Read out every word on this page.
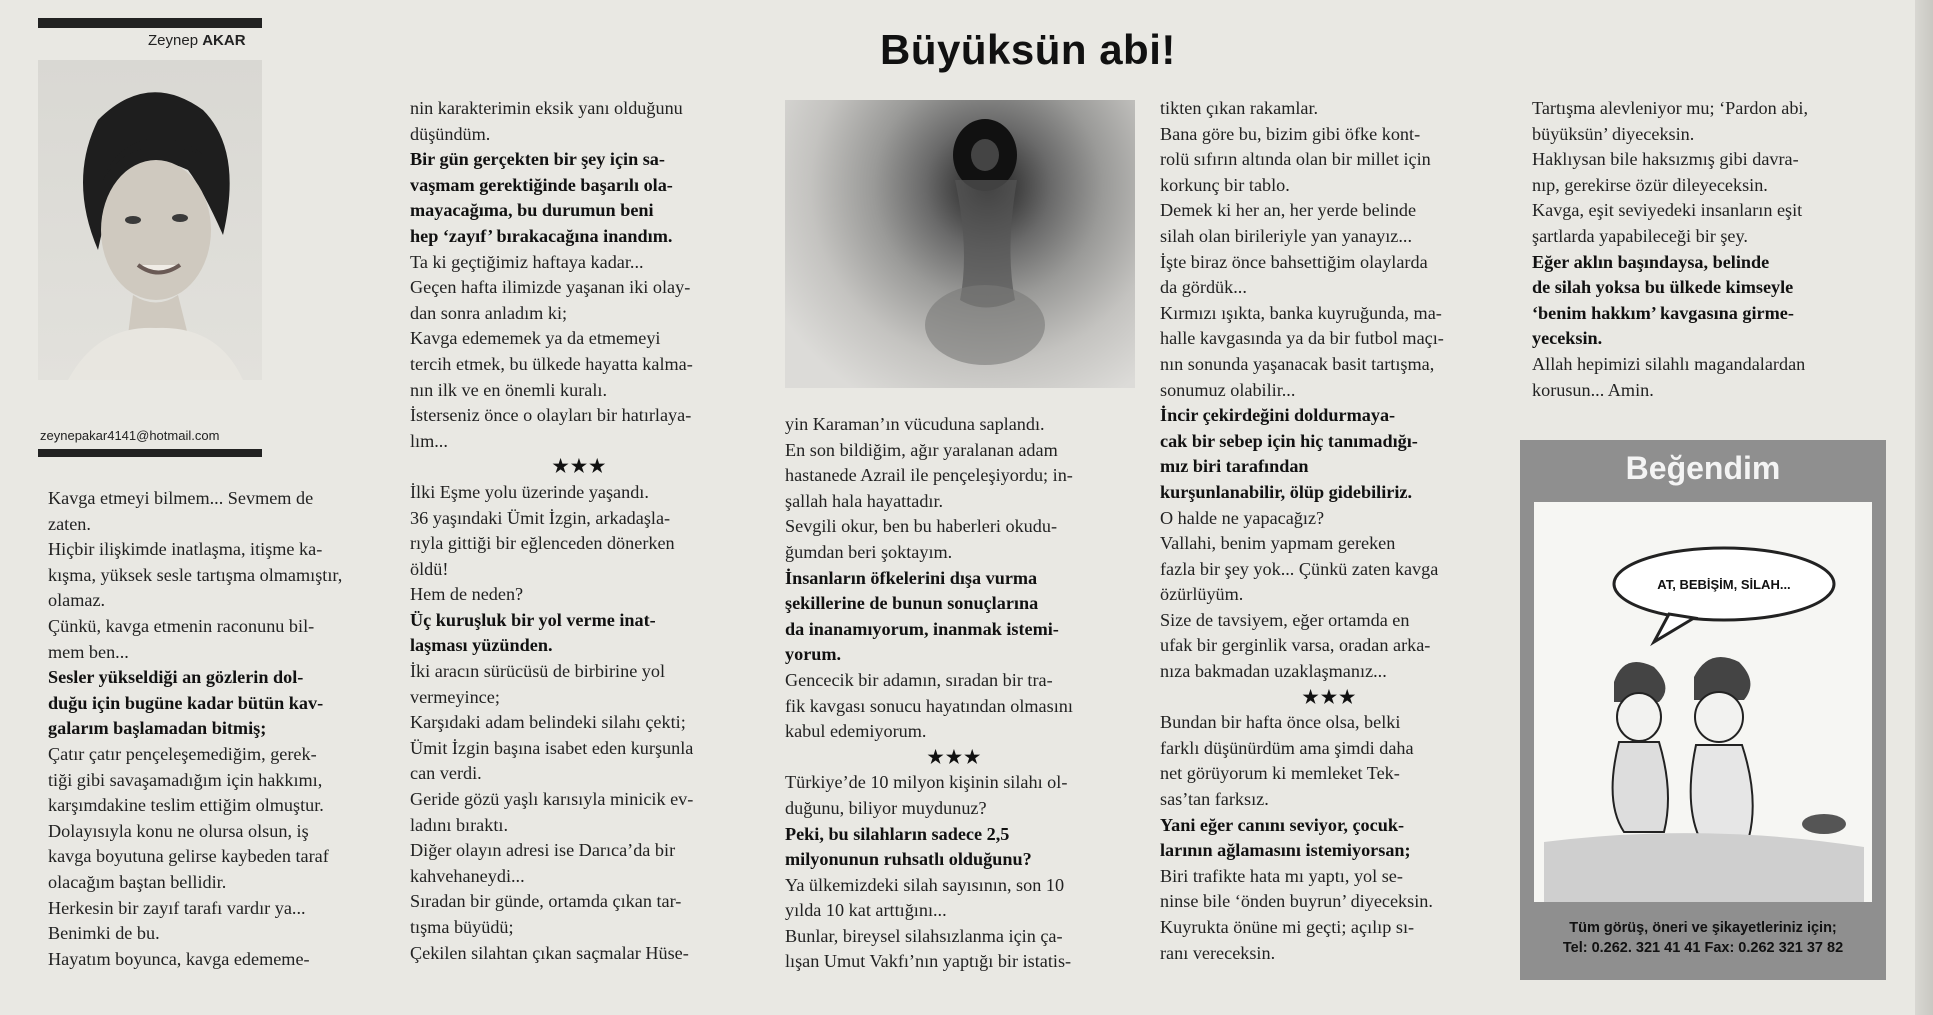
Zeynep AKAR
zeynepakar4141@hotmail.com
Büyüksün abi!
Kavga etmeyi bilmem... Sevmem de
zaten.
Hiçbir ilişkimde inatlaşma, itişme ka-
kışma, yüksek sesle tartışma olmamıştır,
olamaz.
Çünkü, kavga etmenin raconunu bil-
mem ben...
Sesler yükseldiği an gözlerin dol-
duğu için bugüne kadar bütün kav-
galarım başlamadan bitmiş;
Çatır çatır pençeleşemediğim, gerek-
tiği gibi savaşamadığım için hakkımı,
karşımdakine teslim ettiğim olmuştur.
Dolayısıyla konu ne olursa olsun, iş
kavga boyutuna gelirse kaybeden taraf
olacağım baştan bellidir.
Herkesin bir zayıf tarafı vardır ya...
Benimki de bu.
Hayatım boyunca, kavga edememe-
nin karakterimin eksik yanı olduğunu
düşündüm.
Bir gün gerçekten bir şey için sa-
vaşmam gerektiğinde başarılı ola-
mayacağıma, bu durumun beni
hep ‘zayıf’ bırakacağına inandım.
Ta ki geçtiğimiz haftaya kadar...
Geçen hafta ilimizde yaşanan iki olay-
dan sonra anladım ki;
Kavga edememek ya da etmemeyi
tercih etmek, bu ülkede hayatta kalma-
nın ilk ve en önemli kuralı.
İsterseniz önce o olayları bir hatırlaya-
lım...
★★★
İlki Eşme yolu üzerinde yaşandı.
36 yaşındaki Ümit İzgin, arkadaşla-
rıyla gittiği bir eğlenceden dönerken
öldü!
Hem de neden?
Üç kuruşluk bir yol verme inat-
laşması yüzünden.
İki aracın sürücüsü de birbirine yol
vermeyince;
Karşıdaki adam belindeki silahı çekti;
Ümit İzgin başına isabet eden kurşunla
can verdi.
Geride gözü yaşlı karısıyla minicik ev-
ladını bıraktı.
Diğer olayın adresi ise Darıca’da bir
kahvehaneydi...
Sıradan bir günde, ortamda çıkan tar-
tışma büyüdü;
Çekilen silahtan çıkan saçmalar Hüse-
yin Karaman’ın vücuduna saplandı.
En son bildiğim, ağır yaralanan adam
hastanede Azrail ile pençeleşiyordu; in-
şallah hala hayattadır.
Sevgili okur, ben bu haberleri okudu-
ğumdan beri şoktayım.
İnsanların öfkelerini dışa vurma
şekillerine de bunun sonuçlarına
da inanamıyorum, inanmak istemi-
yorum.
Gencecik bir adamın, sıradan bir tra-
fik kavgası sonucu hayatından olmasını
kabul edemiyorum.
★★★
Türkiye’de 10 milyon kişinin silahı ol-
duğunu, biliyor muydunuz?
Peki, bu silahların sadece 2,5
milyonunun ruhsatlı olduğunu?
Ya ülkemizdeki silah sayısının, son 10
yılda 10 kat arttığını...
Bunlar, bireysel silahsızlanma için ça-
lışan Umut Vakfı’nın yaptığı bir istatis-
tikten çıkan rakamlar.
Bana göre bu, bizim gibi öfke kont-
rolü sıfırın altında olan bir millet için
korkunç bir tablo.
Demek ki her an, her yerde belinde
silah olan birileriyle yan yanayız...
İşte biraz önce bahsettiğim olaylarda
da gördük...
Kırmızı ışıkta, banka kuyruğunda, ma-
halle kavgasında ya da bir futbol maçı-
nın sonunda yaşanacak basit tartışma,
sonumuz olabilir...
İncir çekirdeğini doldurmaya-
cak bir sebep için hiç tanımadığı-
mız biri tarafından
kurşunlanabilir, ölüp gidebiliriz.
O halde ne yapacağız?
Vallahi, benim yapmam gereken
fazla bir şey yok... Çünkü zaten kavga
özürlüyüm.
Size de tavsiyem, eğer ortamda en
ufak bir gerginlik varsa, oradan arka-
nıza bakmadan uzaklaşmanız...
★★★
Bundan bir hafta önce olsa, belki
farklı düşünürdüm ama şimdi daha
net görüyorum ki memleket Tek-
sas’tan farksız.
Yani eğer canını seviyor, çocuk-
larının ağlamasını istemiyorsan;
Biri trafikte hata mı yaptı, yol se-
ninse bile ‘önden buyrun’ diyeceksin.
Kuyrukta önüne mi geçti; açılıp sı-
ranı vereceksin.
Tartışma alevleniyor mu; ‘Pardon abi,
büyüksün’ diyeceksin.
Haklıysan bile haksızmış gibi davra-
nıp, gerekirse özür dileyeceksin.
Kavga, eşit seviyedeki insanların eşit
şartlarda yapabileceği bir şey.
Eğer aklın başındaysa, belinde
de silah yoksa bu ülkede kimseyle
‘benim hakkım’ kavgasına girme-
yeceksin.
Allah hepimizi silahlı magandalardan
korusun... Amin.
Beğendim
AT, BEBİŞİM, SİLAH...
Tüm görüş, öneri ve şikayetleriniz için;
Tel: 0.262. 321 41 41 Fax: 0.262 321 37 82
